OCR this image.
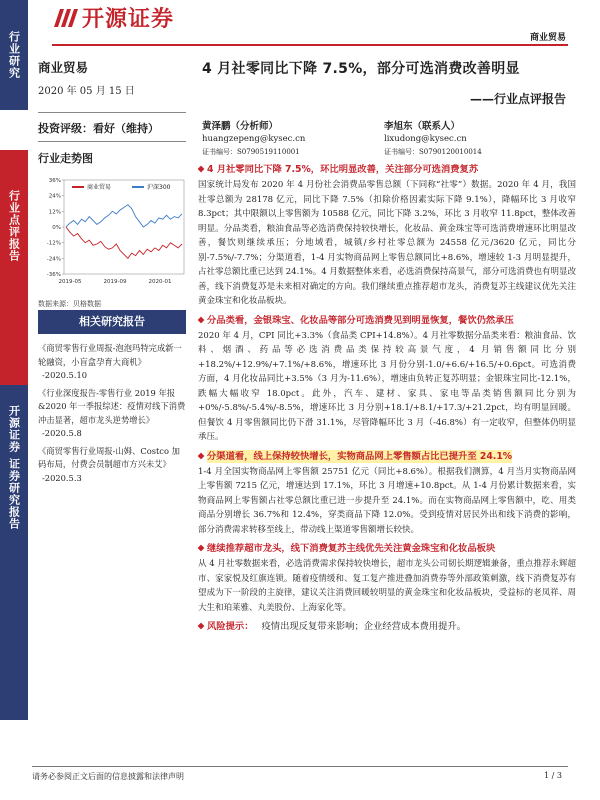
开源证券
商业贸易
行业研究
行业点评报告
开源证券 证券研究报告
商业贸易
2020 年 05 月 15 日
投资评级：看好（维持）
行业走势图
36%
24%
12%
0%
-12%
-24%
-36%
2019-05	2019-09	2020-01
商业贸易	沪深300
数据来源：贝格数据
相关研究报告
《商贸零售行业周报-泡泡玛特完成新一轮融资，小盲盒孕育大商机》
-2020.5.10
《行业深度报告-零售行业 2019 年报&2020 年一季报综述：疫情对线下消费冲击显著，超市龙头逆势增长》
-2020.5.8
《商贸零售行业周报-山姆、Costco 加码布局，付费会员制超市方兴未艾》
-2020.5.3
4 月社零同比下降 7.5%，部分可选消费改善明显
——行业点评报告
黄泽鹏（分析师）
huangzepeng@kysec.cn
证书编号：S0790519110001
李旭东（联系人）
lixudong@kysec.cn
证书编号：S0790120010014
4 月社零同比下降 7.5%，环比明显改善，关注部分可选消费复苏
国家统计局发布 2020 年 4 月份社会消费品零售总额（下同称“社零”）数据。2020 年 4 月，我国社零总额为 28178 亿元，同比下降 7.5%（扣除价格因素实际下降 9.1%），降幅环比 3 月收窄 8.3pct；其中限额以上零售额为 10588 亿元，同比下降 3.2%，环比 3 月收窄 11.8pct，整体改善明显。分品类看，粮油食品等必选消费保持较快增长，化妆品、黄金珠宝等可选消费增速环比明显改善，餐饮则继续承压；分地域看，城镇/乡村社零总额为 24558 亿元/3620 亿元，同比分别-7.5%/-7.7%；分渠道看，1-4 月实物商品网上零售总额同比+8.6%，增速较 1-3 月明显提升，占社零总额比重已达到 24.1%。4 月数据整体来看，必选消费保持高景气，部分可选消费也有明显改善，线下消费复苏是未来相对确定的方向。我们继续重点推荐超市龙头，消费复苏主线建议优先关注黄金珠宝和化妆品板块。
分品类看，金银珠宝、化妆品等部分可选消费见到明显恢复，餐饮仍然承压
2020 年 4 月，CPI 同比+3.3%（食品类 CPI+14.8%）。4 月社零数据分品类来看：粮油食品、饮料、烟酒、药品等必选消费品类保持较高景气度，4 月销售额同比分别+18.2%/+12.9%/+7.1%/+8.6%，增速环比 3 月份分别-1.0/+6.6/+16.5/+0.6pct。可选消费方面，4 月化妆品同比+3.5%（3 月为-11.6%），增速由负转正复苏明显；金银珠宝同比-12.1%，跌幅大幅收窄 18.0pct。此外，汽车、建材、家具、家电等品类销售额同比分别为+0%/-5.8%/-5.4%/-8.5%，增速环比 3 月分别+18.1/+8.1/+17.3/+21.2pct，均有明显回暖。但餐饮 4 月零售额同比仍下滑 31.1%，尽管降幅环比 3 月（-46.8%）有一定收窄，但整体仍明显承压。
分渠道看，线上保持较快增长，实物商品网上零售额占比已提升至 24.1%
1-4 月全国实物商品网上零售额 25751 亿元（同比+8.6%）。根据我们测算，4 月当月实物商品网上零售额 7215 亿元，增速达到 17.1%，环比 3 月增速+10.8pct。从 1-4 月份累计数据来看，实物商品网上零售额占社零总额比重已进一步提升至 24.1%。而在实物商品网上零售额中，吃、用类商品分别增长 36.7%和 12.4%，穿类商品下降 12.0%。受到疫情对居民外出和线下消费的影响，部分消费需求转移至线上，带动线上渠道零售额增长较快。
继续推荐超市龙头，线下消费复苏主线优先关注黄金珠宝和化妆品板块
从 4 月社零数据来看，必选消费需求保持较快增长，超市龙头公司韧长期逻辑兼备，重点推荐永辉超市、家家悦及红旗连锁。随着疫情缓和、复工复产推进叠加消费券等外部政策刺激，线下消费复苏有望成为下一阶段的主旋律，建议关注消费回暖较明显的黄金珠宝和化妆品板块，受益标的老凤祥、周大生和珀莱雅、丸美股份、上海家化等。
风险提示： 疫情出现反复带来影响；企业经营成本费用提升。
请务必参阅正文后面的信息披露和法律声明	1 / 3
